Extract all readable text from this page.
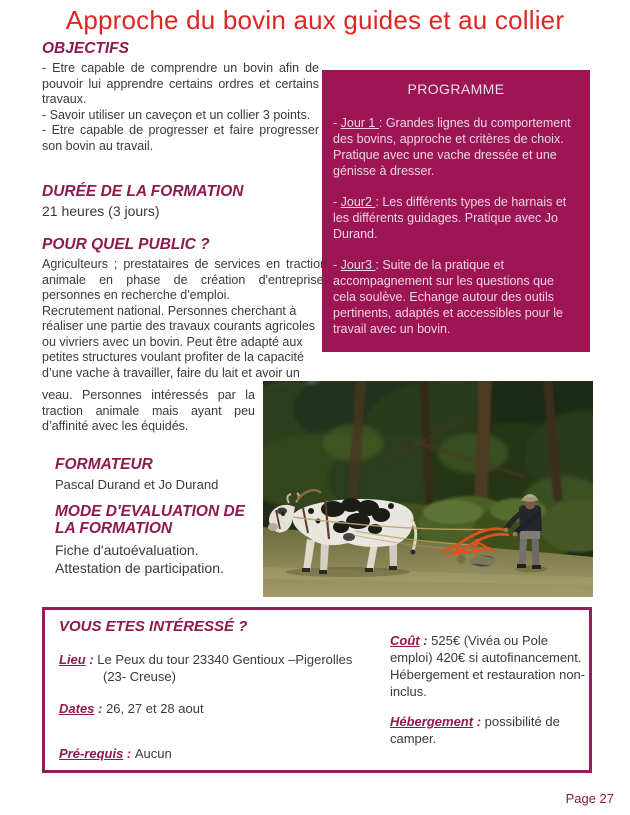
Approche du bovin aux guides et au collier
OBJECTIFS

- Etre capable de comprendre un bovin afin de pouvoir lui apprendre certains ordres et certains travaux.

- Savoir utiliser un caveçon et un collier 3 points.

- Etre capable de progresser et faire progresser son bovin au travail.

PROGRAMME

- Jour 1 : Grandes lignes du comportement des bovins, approche et critères de choix. Pratique avec une vache dressée et une génisse à dresser.

- Jour2 : Les différents types de harnais et les différents guidages. Pratique avec Jo Durand.

- Jour3 : Suite de la pratique et accompagnement sur les questions que cela soulève. Echange autour des outils pertinents, adaptés et accessibles pour le travail avec un bovin.

DURÉE DE LA FORMATION
21 heures (3 jours)
POUR QUEL PUBLIC ?

Agriculteurs ; prestataires de services en traction animale en phase de création d'entreprise, personnes en recherche d'emploi.

Recrutement national. Personnes cherchant à réaliser une partie des travaux courants agricoles ou vivriers avec un bovin. Peut être adapté aux petites structures voulant profiter de la capacité d’une vache à travailler, faire du lait et avoir un

veau. Personnes intéressés par la traction animale mais ayant peu d’affinité avec les équidés.
FORMATEUR
Pascal Durand et Jo Durand
MODE D'EVALUATION DE LA FORMATION

Fiche d'autoévaluation.

Attestation de participation.

VOUS ETES INTÉRESSÉ ?
Lieu : Le Peux du tour 23340 Gentioux –Pigerolles
(23- Creuse)
Dates : 26, 27 et 28 aout
Pré-requis : Aucun
Coût : 525€ (Vivéa ou Pole emploi) 420€ si autofinancement. Hébergement et restauration non-inclus.
Hébergement : possibilité de camper.
Page 27
